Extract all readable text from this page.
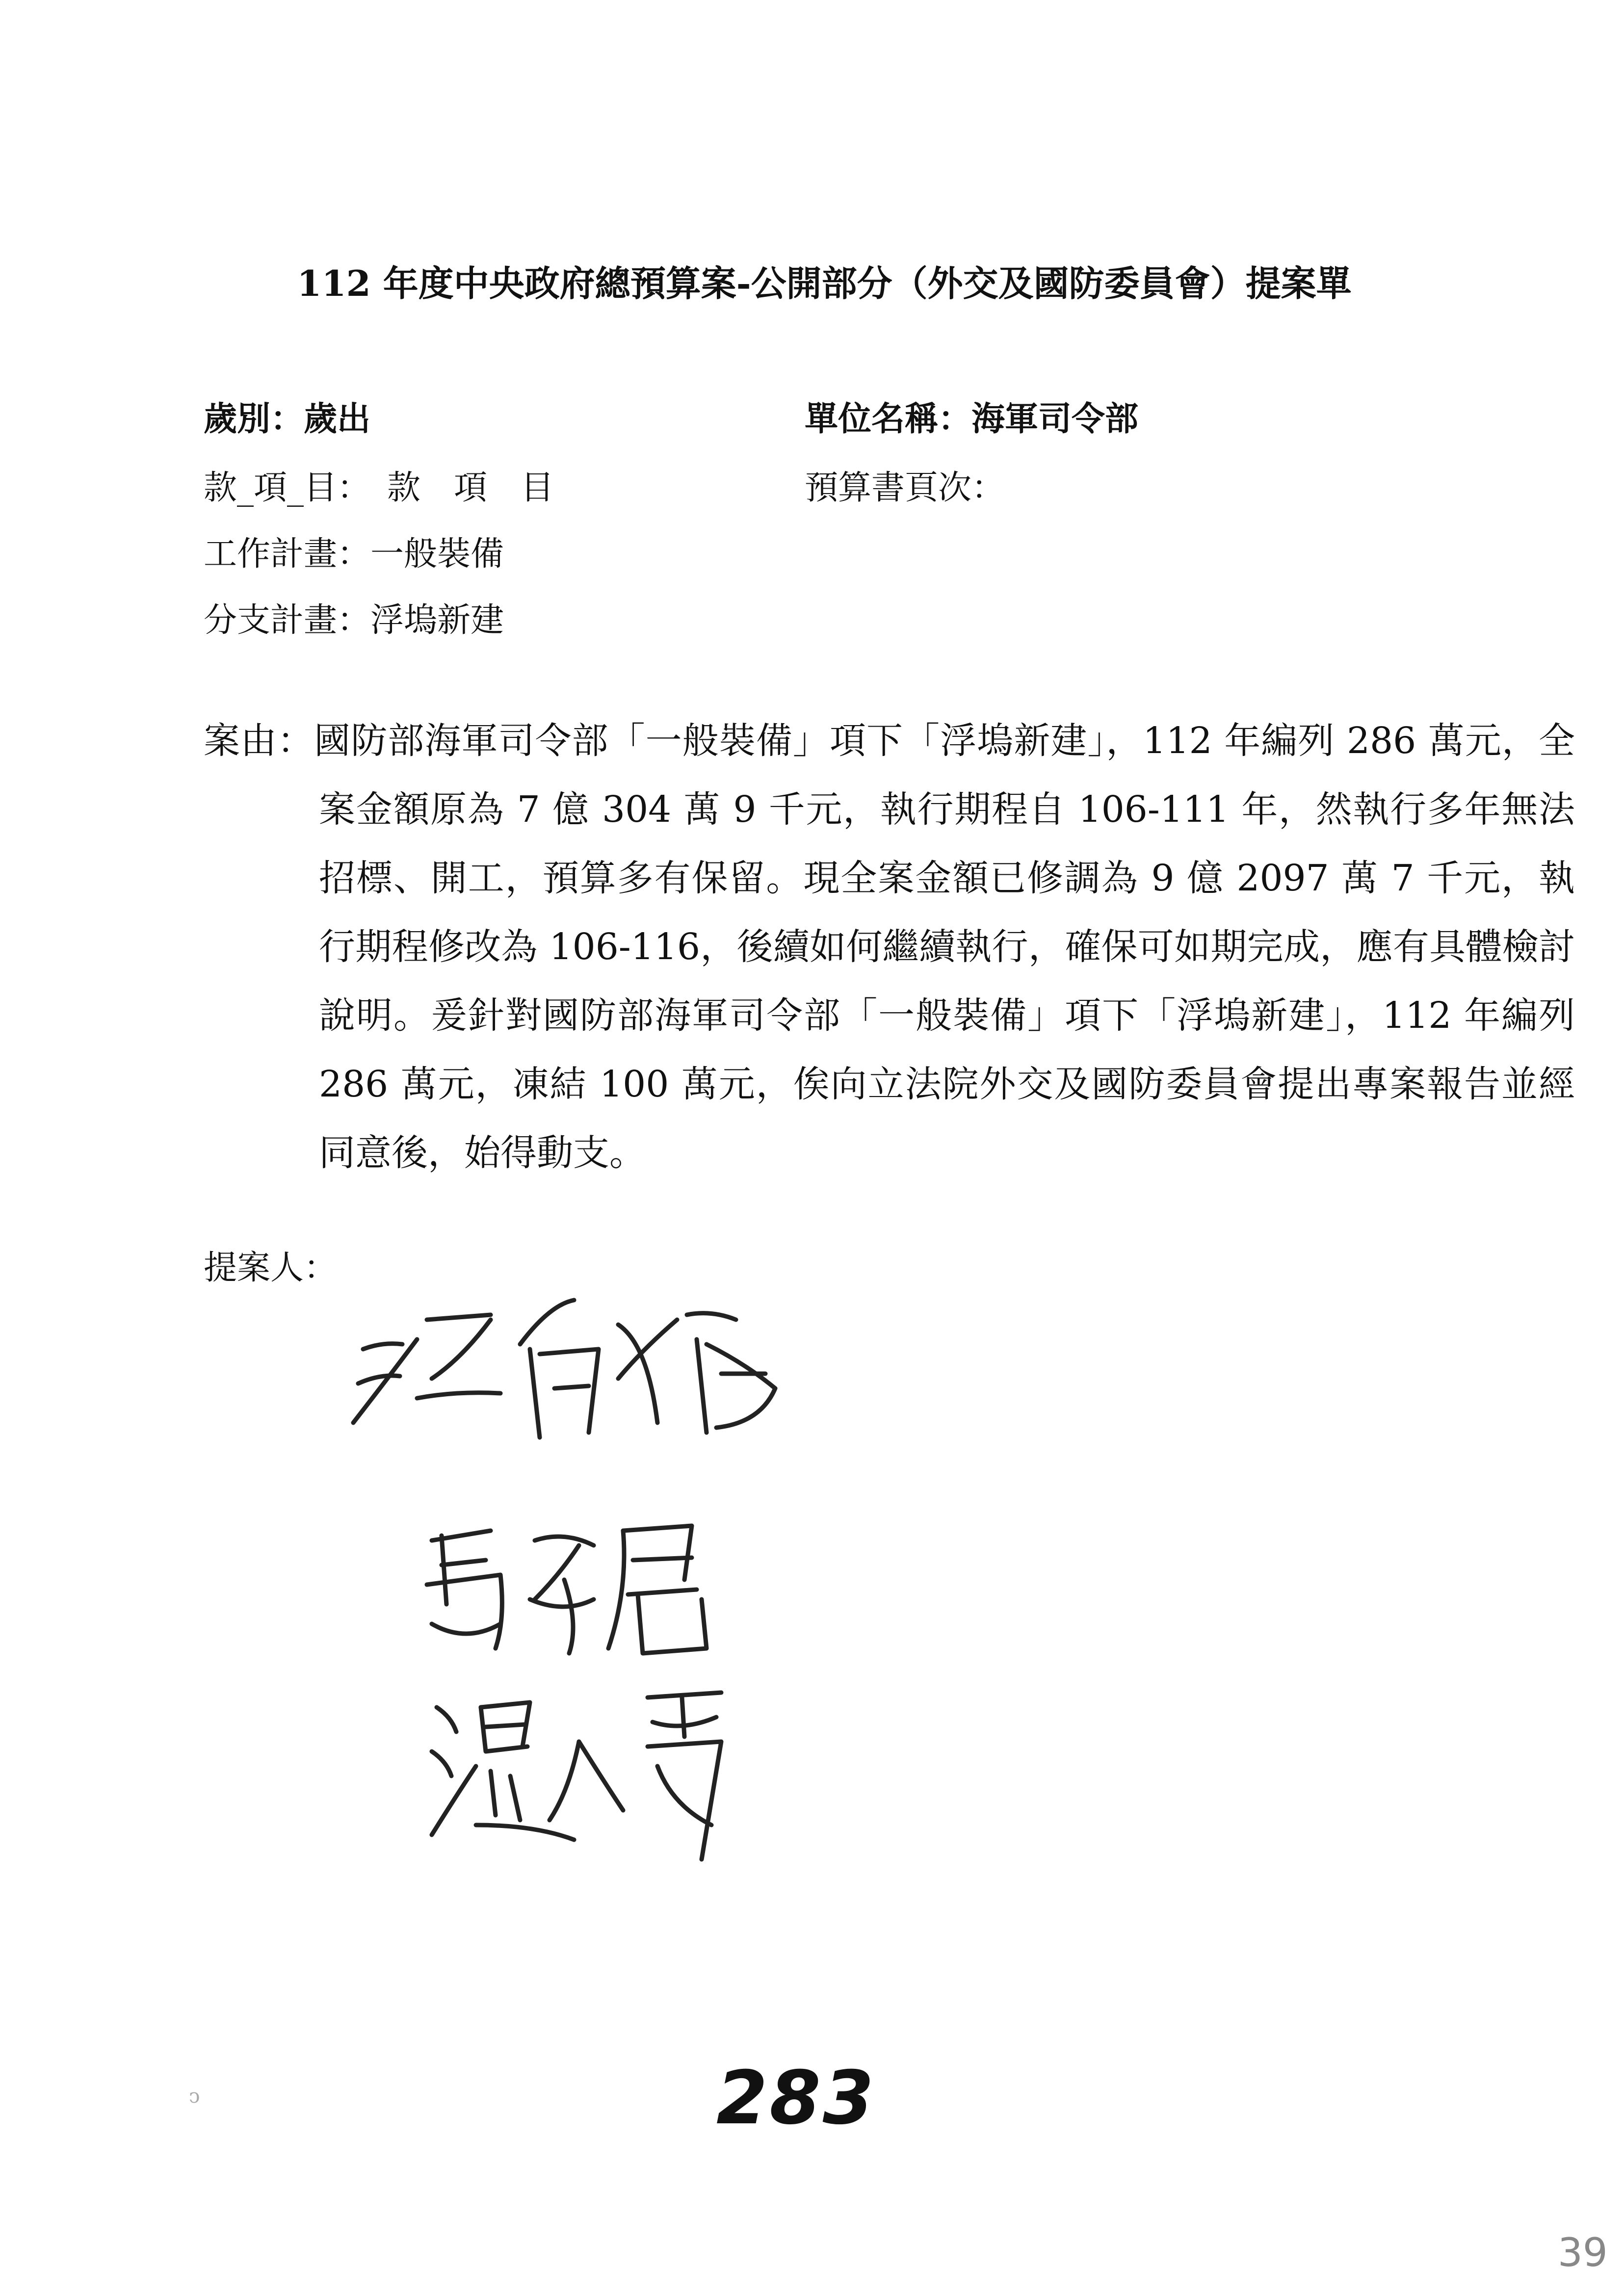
112 年度中央政府總預算案-公開部分（外交及國防委員會）提案單
歲別：歲出	單位名稱：海軍司令部
款_項_目：　款　項　目	預算書頁次：
工作計畫：一般裝備
分支計畫：浮塢新建
案由：國防部海軍司令部「一般裝備」項下「浮塢新建」，112 年編列 286 萬元，全案金額原為 7 億 304 萬 9 千元，執行期程自 106-111 年，然執行多年無法招標、開工，預算多有保留。現全案金額已修調為 9 億 2097 萬 7 千元，執行期程修改為 106-116，後續如何繼續執行，確保可如期完成，應有具體檢討說明。爰針對國防部海軍司令部「一般裝備」項下「浮塢新建」，112 年編列 286 萬元，凍結 100 萬元，俟向立法院外交及國防委員會提出專案報告並經同意後，始得動支。
提案人：
283
39
ↄ
